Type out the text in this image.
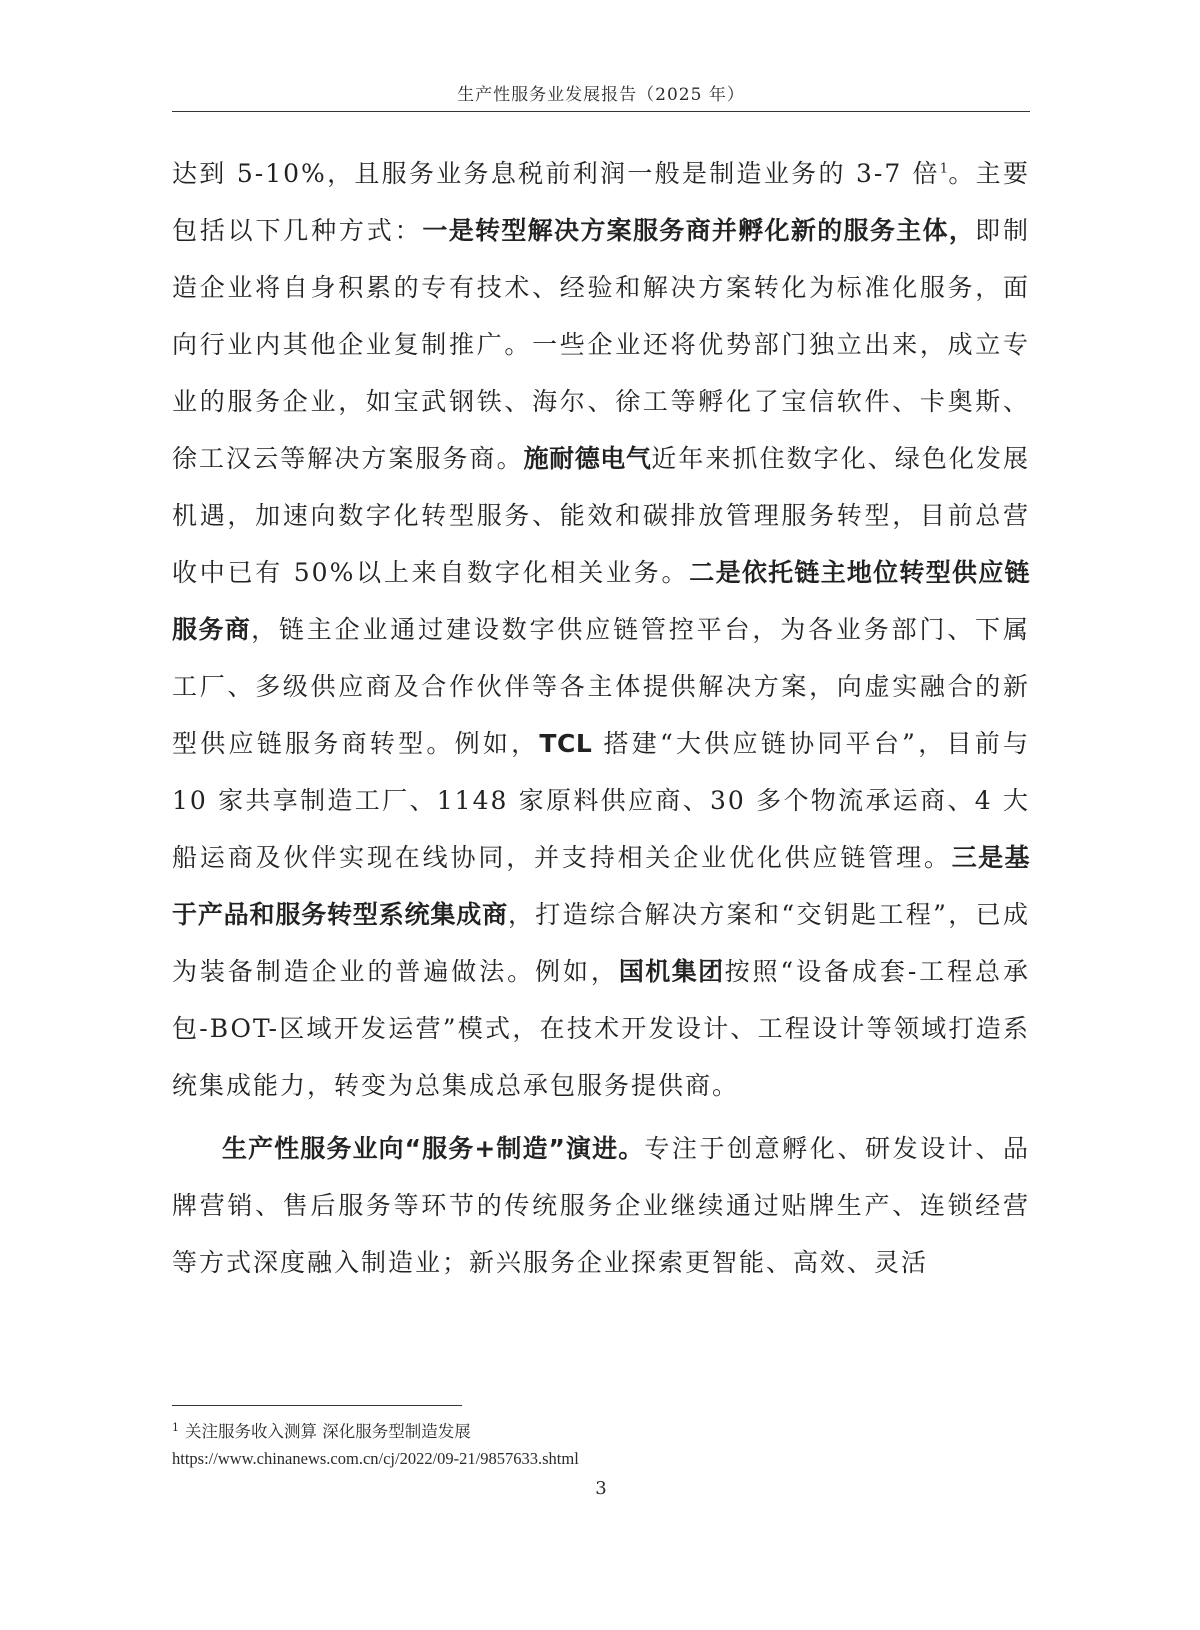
生产性服务业发展报告（2025 年）

达到 5-10%，且服务业务息税前利润一般是制造业务的 3-7 倍$^1$。主要包括以下几种方式：一是转型解决方案服务商并孵化新的服务主体，即制造企业将自身积累的专有技术、经验和解决方案转化为标准化服务，面向行业内其他企业复制推广。一些企业还将优势部门独立出来，成立专业的服务企业，如宝武钢铁、海尔、徐工等孵化了宝信软件、卡奥斯、徐工汉云等解决方案服务商。施耐德电气近年来抓住数字化、绿色化发展机遇，加速向数字化转型服务、能效和碳排放管理服务转型，目前总营收中已有 50%以上来自数字化相关业务。二是依托链主地位转型供应链服务商，链主企业通过建设数字供应链管控平台，为各业务部门、下属工厂、多级供应商及合作伙伴等各主体提供解决方案，向虚实融合的新型供应链服务商转型。例如，TCL 搭建“大供应链协同平台”，目前与 10 家共享制造工厂、1148 家原料供应商、30 多个物流承运商、4 大船运商及伙伴实现在线协同，并支持相关企业优化供应链管理。三是基于产品和服务转型系统集成商，打造综合解决方案和“交钥匙工程”，已成为装备制造企业的普遍做法。例如，国机集团按照“设备成套-工程总承包-BOT-区域开发运营”模式，在技术开发设计、工程设计等领域打造系统集成能力，转变为总集成总承包服务提供商。

生产性服务业向“服务+制造”演进。专注于创意孵化、研发设计、品牌营销、售后服务等环节的传统服务企业继续通过贴牌生产、连锁经营等方式深度融入制造业；新兴服务企业探索更智能、高效、灵活

$^1$ 关注服务收入测算 深化服务型制造发展
https://www.chinanews.com.cn/cj/2022/09-21/9857633.shtml
3
